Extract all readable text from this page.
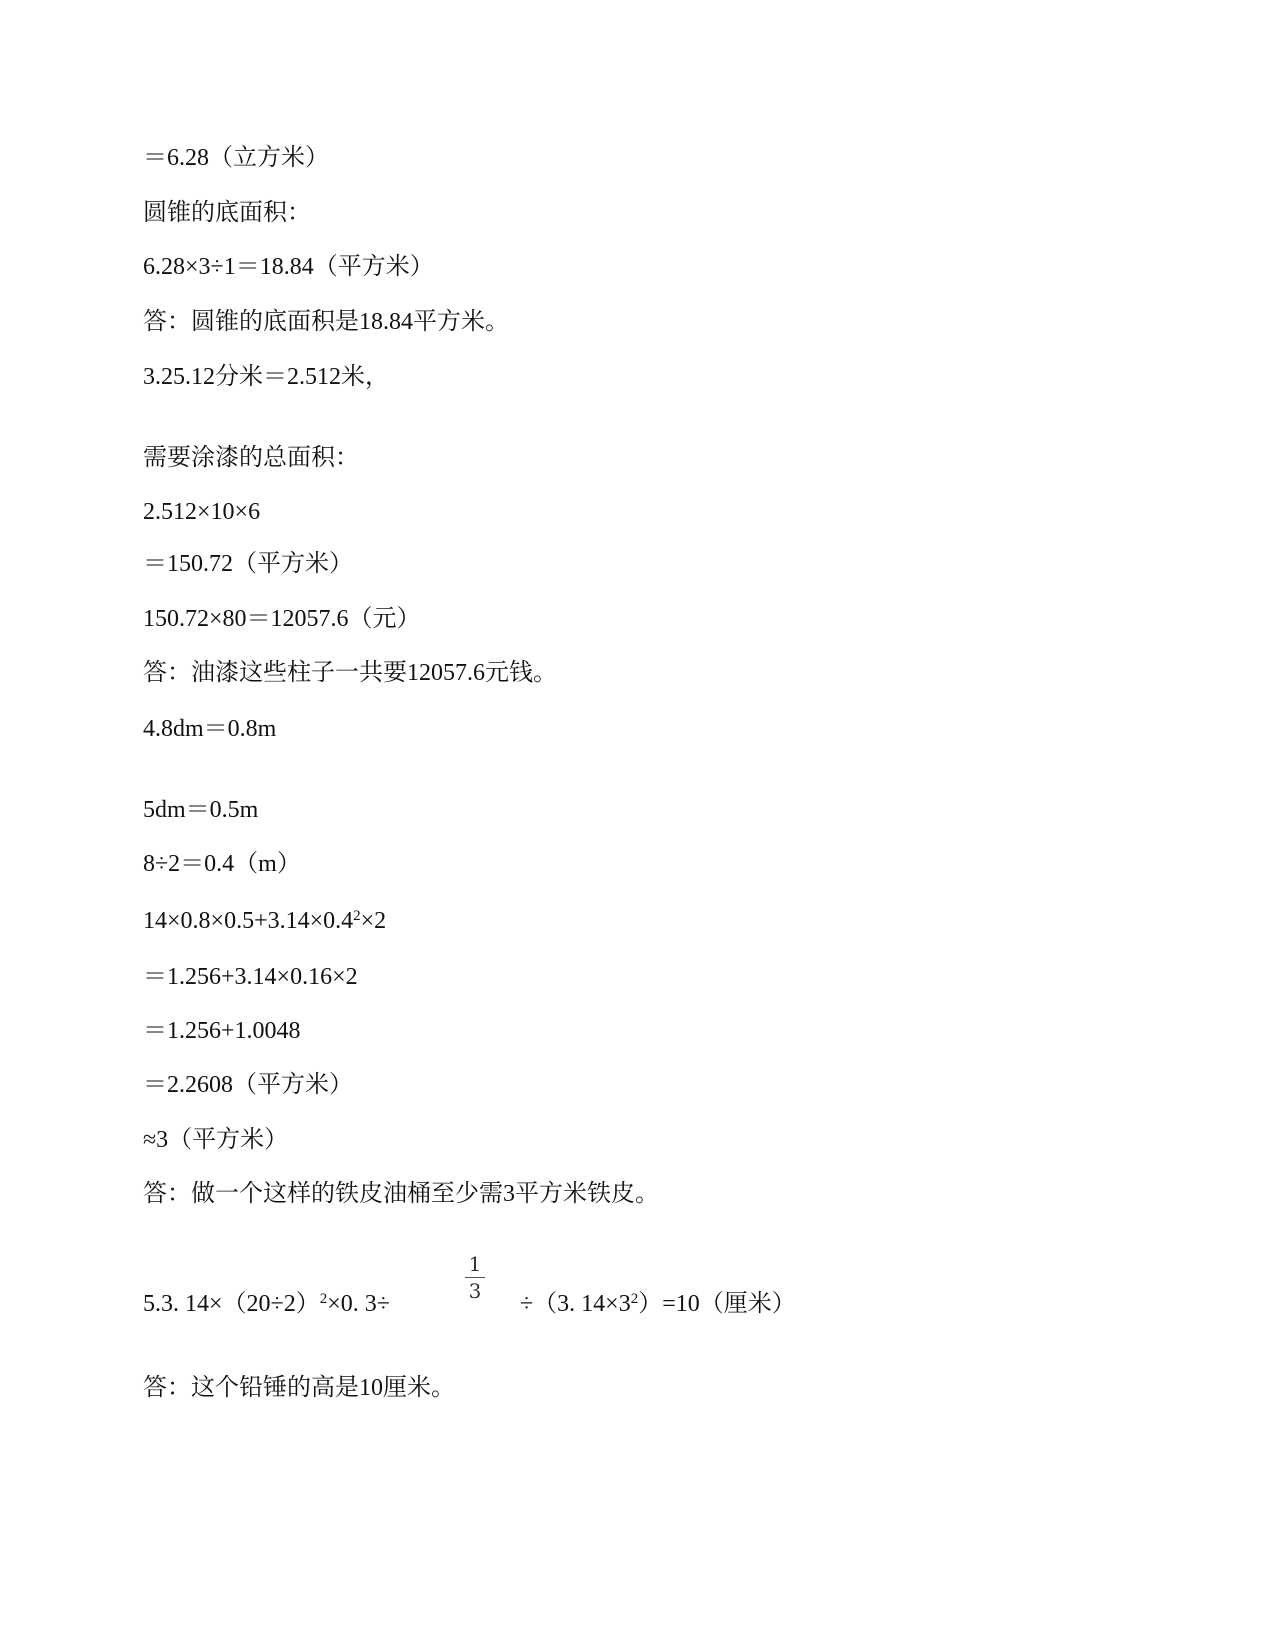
＝6.28（立方米）
圆锥的底面积：
6.28×3÷1＝18.84（平方米）
答：圆锥的底面积是18.84平方米。
3.25.12分米＝2.512米，
需要涂漆的总面积：
2.512×10×6
＝150.72（平方米）
150.72×80＝12057.6（元）
答：油漆这些柱子一共要12057.6元钱。
4.8dm＝0.8m
5dm＝0.5m
8÷2＝0.4（m）
$14\times 0.8\times 0.5+3.14\times 0.4^2\times 2$
＝1.256+3.14×0.16×2
＝1.256+1.0048
＝2.2608（平方米）
≈3（平方米）
答：做一个这样的铁皮油桶至少需3平方米铁皮。
5.3. $14\times(20\div 2)^2\times 0$. 3÷
1
3 ÷（3. $14\times 3^2)=10$（厘米）
答：这个铅锤的高是10厘米。
